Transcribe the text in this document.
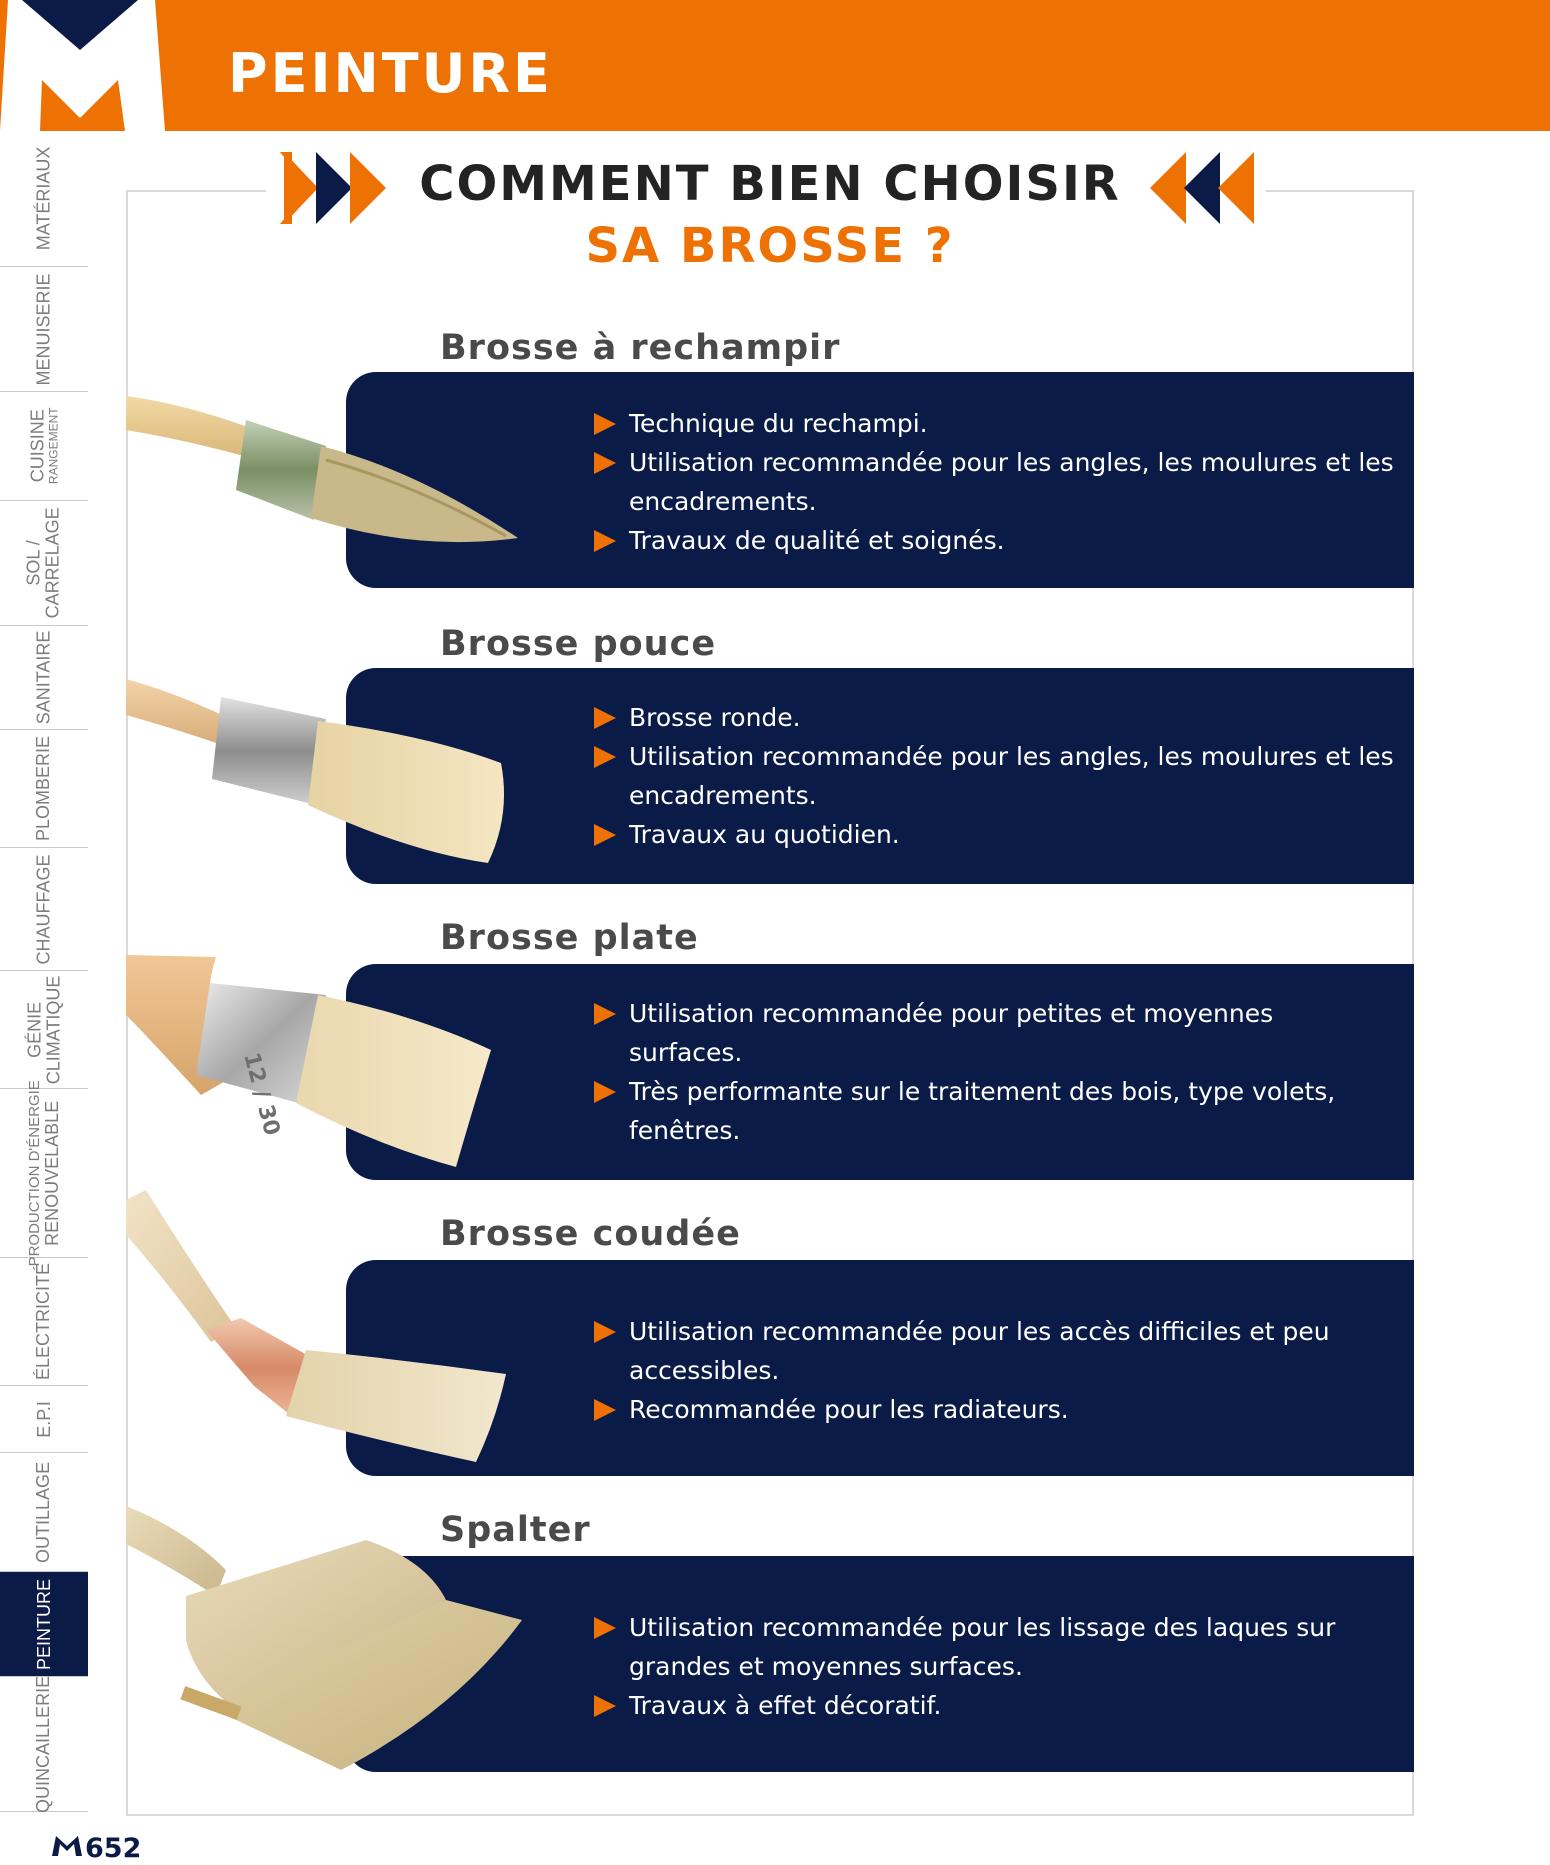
PEINTURE
MATÉRIAUX
MENUISERIE
CUISINE
RANGEMENT
SOL /
CARRELAGE
SANITAIRE
PLOMBERIE
CHAUFFAGE
GÉNIE
CLIMATIQUE
PRODUCTION D'ÉNERGIE
RENOUVELABLE
ÉLECTRICITÉ
E.P.I
OUTILLAGE
PEINTURE
QUINCAILLERIE
COMMENT BIEN CHOISIR
SA BROSSE ?
Brosse à rechampir
Technique du rechampi.
Utilisation recommandée pour les angles, les moulures et les encadrements.
Travaux de qualité et soignés.
Brosse pouce
Brosse ronde.
Utilisation recommandée pour les angles, les moulures et les encadrements.
Travaux au quotidien.
Brosse plate
Utilisation recommandée pour petites et moyennes surfaces.
Très performante sur le traitement des bois, type volets, fenêtres.
12 / 30
Brosse coudée
Utilisation recommandée pour les accès difficiles et peu accessibles.
Recommandée pour les radiateurs.
Spalter
Utilisation recommandée pour les lissage des laques sur grandes et moyennes surfaces.
Travaux à effet décoratif.
652
